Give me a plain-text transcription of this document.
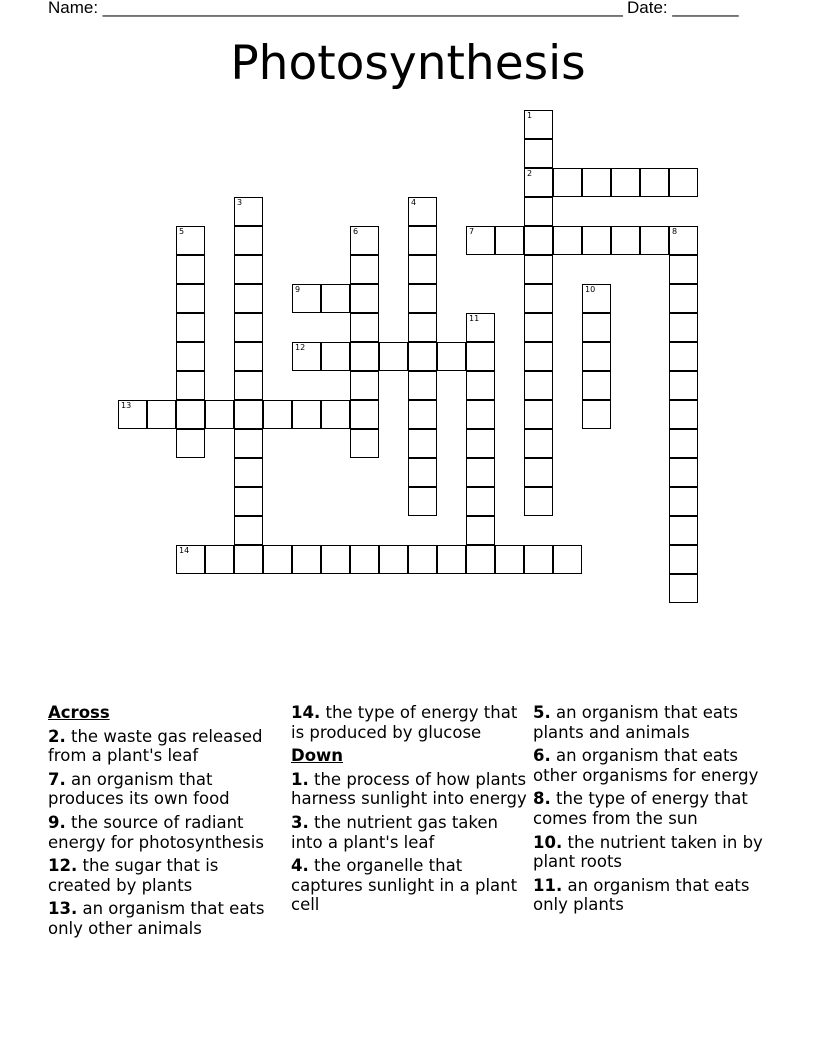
Name: _______________________________________________________ Date: _______
Photosynthesis
1
2
3	4
5	6	7	8
9	10
11
12
13
14
Across
2. the waste gas released from a plant's leaf
7. an organism that produces its own food
9. the source of radiant energy for photosynthesis
12. the sugar that is created by plants
13. an organism that eats only other animals
14. the type of energy that is produced by glucose
Down
1. the process of how plants harness sunlight into energy
3. the nutrient gas taken into a plant's leaf
4. the organelle that captures sunlight in a plant cell
5. an organism that eats plants and animals
6. an organism that eats other organisms for energy
8. the type of energy that comes from the sun
10. the nutrient taken in by plant roots
11. an organism that eats only plants
